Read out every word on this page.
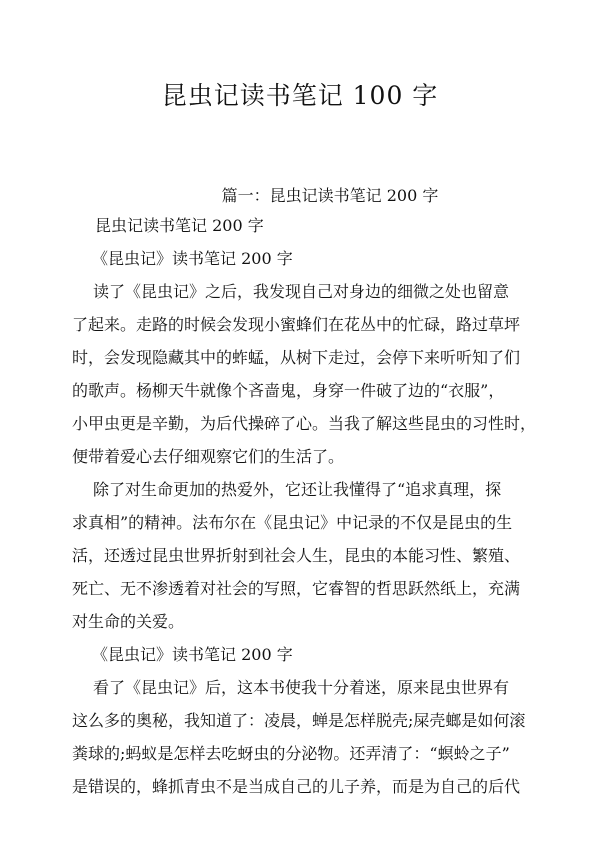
昆虫记读书笔记 100 字
篇一：昆虫记读书笔记 200 字
昆虫记读书笔记 200 字
《昆虫记》读书笔记 200 字
读了《昆虫记》之后，我发现自己对身边的细微之处也留意
了起来。走路的时候会发现小蜜蜂们在花丛中的忙碌，路过草坪
时，会发现隐藏其中的蚱蜢，从树下走过，会停下来听听知了们
的歌声。杨柳天牛就像个吝啬鬼，身穿一件破了边的“衣服”，
小甲虫更是辛勤，为后代操碎了心。当我了解这些昆虫的习性时，
便带着爱心去仔细观察它们的生活了。
除了对生命更加的热爱外，它还让我懂得了“追求真理，探
求真相”的精神。法布尔在《昆虫记》中记录的不仅是昆虫的生
活，还透过昆虫世界折射到社会人生，昆虫的本能习性、繁殖、
死亡、无不渗透着对社会的写照，它睿智的哲思跃然纸上，充满
对生命的关爱。
《昆虫记》读书笔记 200 字
看了《昆虫记》后，这本书使我十分着迷，原来昆虫世界有
这么多的奥秘，我知道了：凌晨，蝉是怎样脱壳;屎壳螂是如何滚
粪球的;蚂蚁是怎样去吃蚜虫的分泌物。还弄清了：“螟蛉之子”
是错误的，蜂抓青虫不是当成自己的儿子养，而是为自己的后代
